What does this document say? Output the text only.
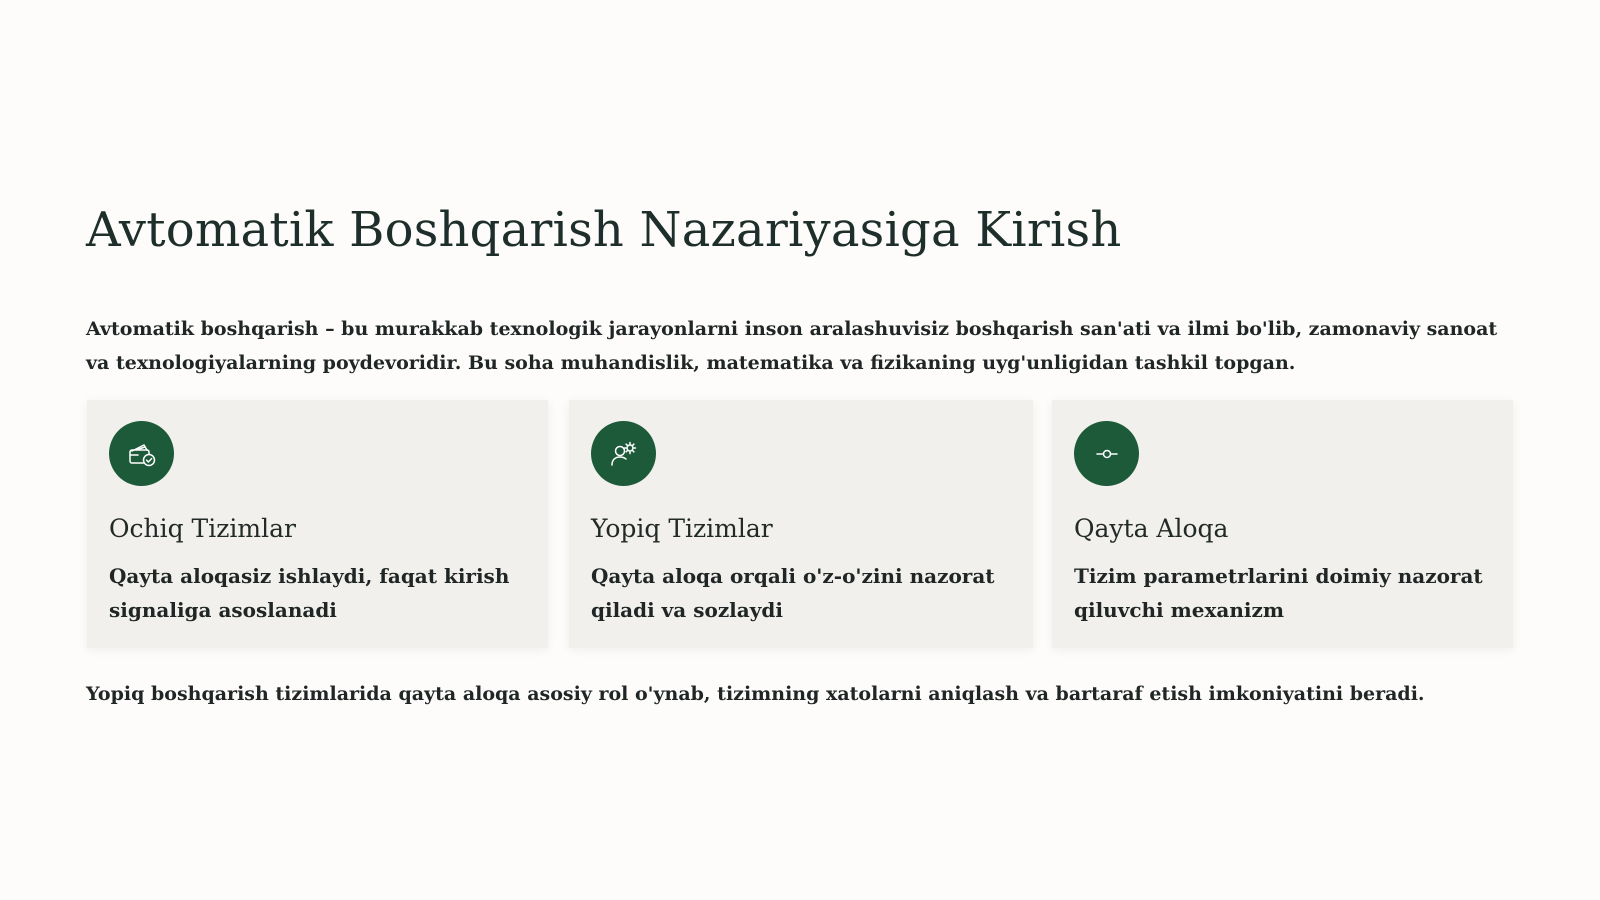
Avtomatik Boshqarish Nazariyasiga Kirish

Avtomatik boshqarish – bu murakkab texnologik jarayonlarni inson aralashuvisiz boshqarish san'ati va ilmi bo'lib, zamonaviy sanoat va texnologiyalarning poydevoridir. Bu soha muhandislik, matematika va fizikaning uyg'unligidan tashkil topgan.

Ochiq Tizimlar

Qayta aloqasiz ishlaydi, faqat kirish signaliga asoslanadi

Yopiq Tizimlar

Qayta aloqa orqali o'z-o'zini nazorat qiladi va sozlaydi

Qayta Aloqa

Tizim parametrlarini doimiy nazorat qiluvchi mexanizm

Yopiq boshqarish tizimlarida qayta aloqa asosiy rol o'ynab, tizimning xatolarni aniqlash va bartaraf etish imkoniyatini beradi.
